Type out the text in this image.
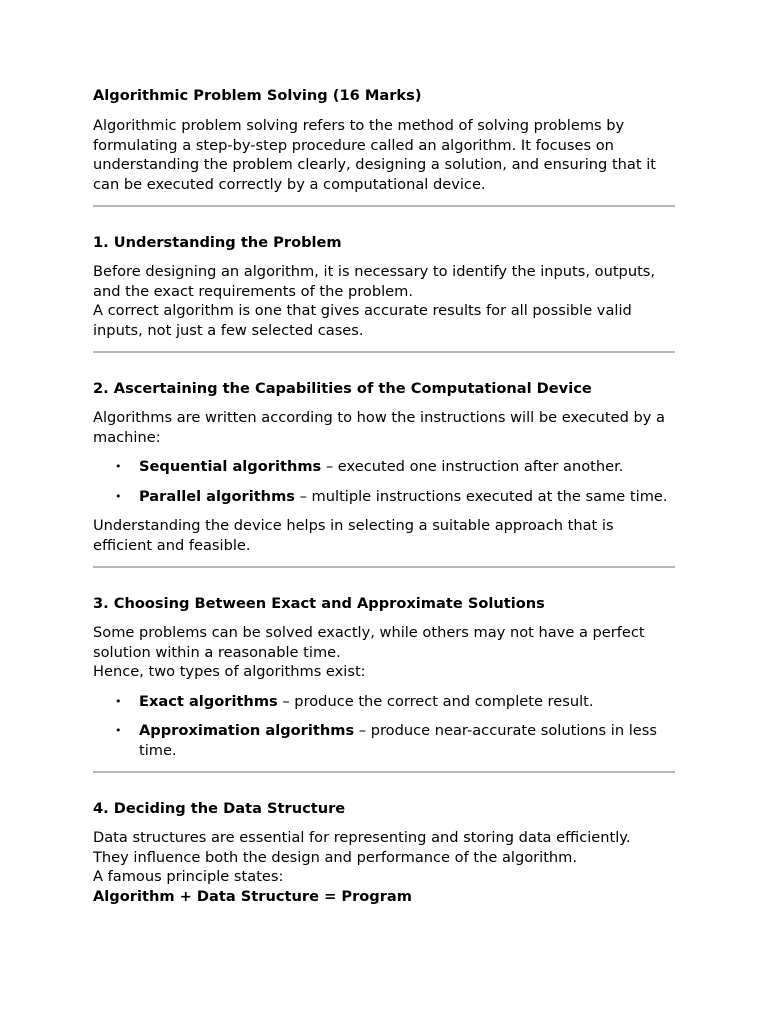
Algorithmic Problem Solving (16 Marks)

Algorithmic problem solving refers to the method of solving problems by formulating a step-by-step procedure called an algorithm. It focuses on understanding the problem clearly, designing a solution, and ensuring that it can be executed correctly by a computational device.

1. Understanding the Problem

Before designing an algorithm, it is necessary to identify the inputs, outputs, and the exact requirements of the problem.
A correct algorithm is one that gives accurate results for all possible valid inputs, not just a few selected cases.

2. Ascertaining the Capabilities of the Computational Device

Algorithms are written according to how the instructions will be executed by a machine:

• Sequential algorithms – executed one instruction after another.
• Parallel algorithms – multiple instructions executed at the same time.

Understanding the device helps in selecting a suitable approach that is efficient and feasible.

3. Choosing Between Exact and Approximate Solutions

Some problems can be solved exactly, while others may not have a perfect solution within a reasonable time.
Hence, two types of algorithms exist:

• Exact algorithms – produce the correct and complete result.
• Approximation algorithms – produce near-accurate solutions in less time.
4. Deciding the Data Structure

Data structures are essential for representing and storing data efficiently.
They influence both the design and performance of the algorithm.
A famous principle states:
Algorithm + Data Structure = Program
